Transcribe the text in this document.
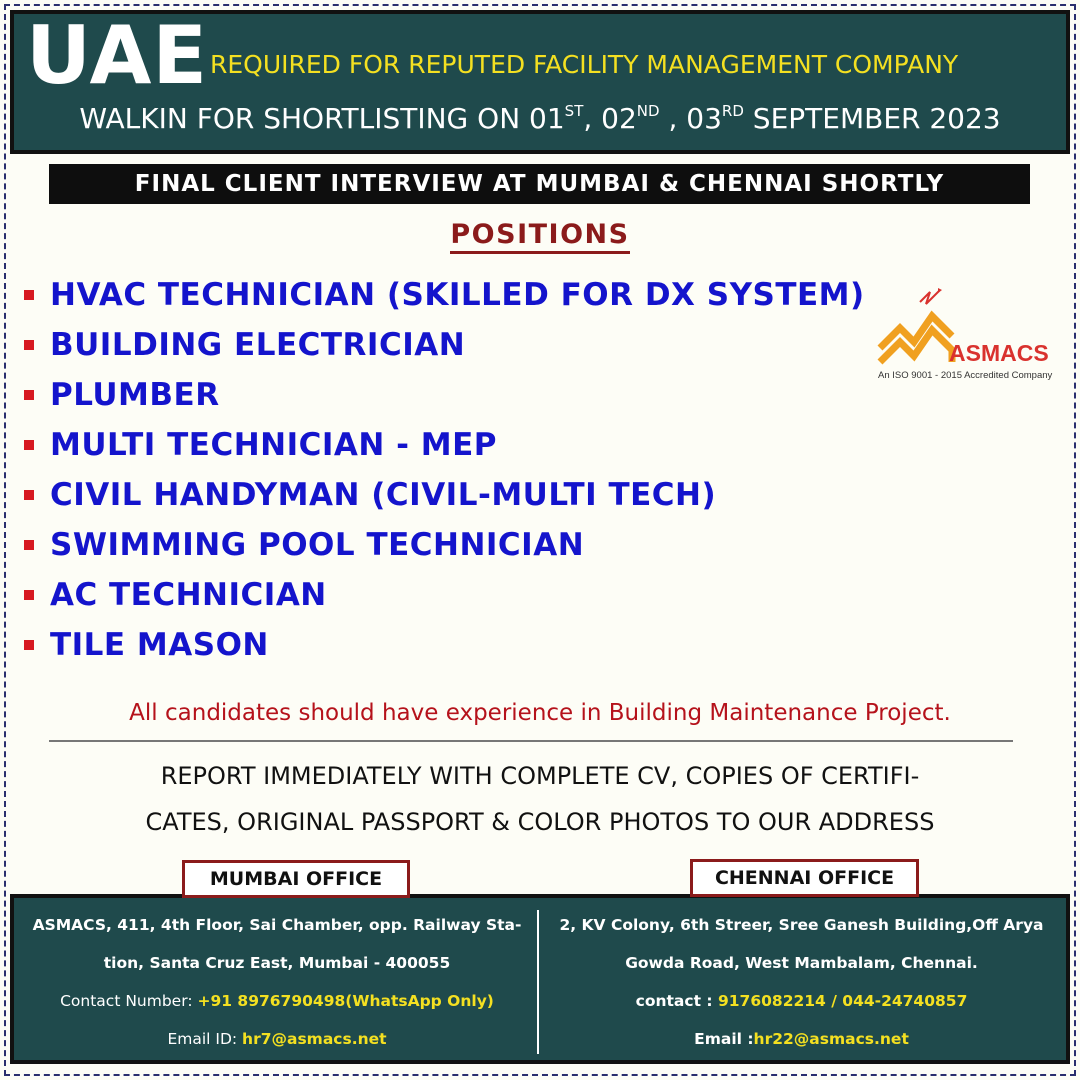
UAE REQUIRED FOR REPUTED FACILITY MANAGEMENT COMPANY
WALKIN FOR SHORTLISTING ON 01ST, 02ND , 03RD SEPTEMBER 2023
FINAL CLIENT INTERVIEW AT MUMBAI & CHENNAI SHORTLY
POSITIONS
HVAC TECHNICIAN (SKILLED FOR DX SYSTEM)
BUILDING ELECTRICIAN
PLUMBER
MULTI TECHNICIAN - MEP
CIVIL HANDYMAN (CIVIL-MULTI TECH)
SWIMMING POOL TECHNICIAN
AC TECHNICIAN
TILE MASON
ASMACS
An ISO 9001 - 2015 Accredited Company
All candidates should have experience in Building Maintenance Project.
REPORT IMMEDIATELY WITH COMPLETE CV, COPIES OF CERTIFI-
CATES, ORIGINAL PASSPORT & COLOR PHOTOS TO OUR ADDRESS
MUMBAI OFFICE	CHENNAI OFFICE
ASMACS, 411, 4th Floor, Sai Chamber, opp. Railway Sta-
tion, Santa Cruz East, Mumbai - 400055
Contact Number: +91 8976790498(WhatsApp Only)
Email ID: hr7@asmacs.net
2, KV Colony, 6th Streer, Sree Ganesh Building,Off Arya
Gowda Road, West Mambalam, Chennai.
contact : 9176082214 / 044-24740857
Email :hr22@asmacs.net
